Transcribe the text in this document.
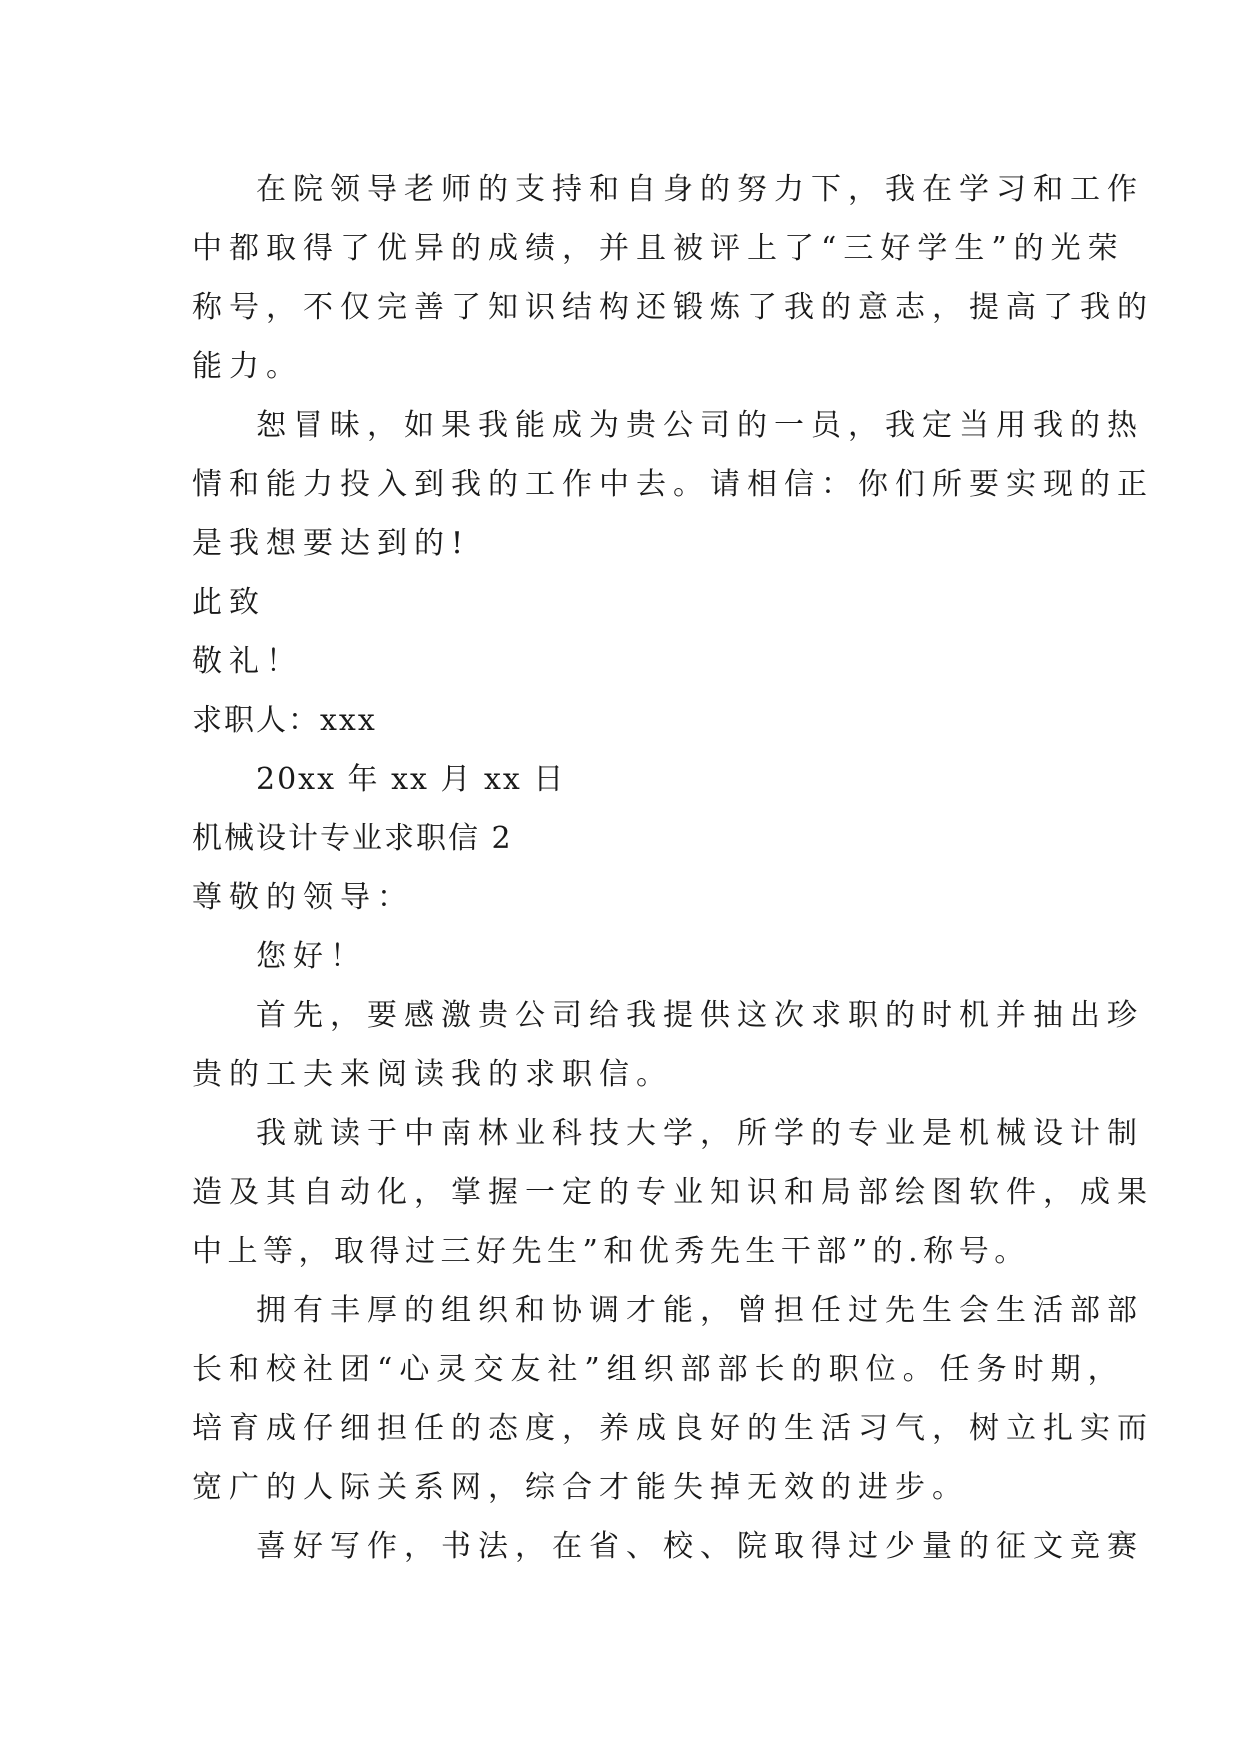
在院领导老师的支持和自身的努力下，我在学习和工作
中都取得了优异的成绩，并且被评上了“三好学生”的光荣
称号，不仅完善了知识结构还锻炼了我的意志，提高了我的
能力。
恕冒昧，如果我能成为贵公司的一员，我定当用我的热
情和能力投入到我的工作中去。请相信：你们所要实现的正
是我想要达到的!
此致
敬礼！
求职人：xxx
20xx 年 xx 月 xx 日
机械设计专业求职信 2
尊敬的领导：
您好！
首先，要感激贵公司给我提供这次求职的时机并抽出珍
贵的工夫来阅读我的求职信。
我就读于中南林业科技大学，所学的专业是机械设计制
造及其自动化，掌握一定的专业知识和局部绘图软件，成果
中上等，取得过三好先生”和优秀先生干部”的.称号。
拥有丰厚的组织和协调才能，曾担任过先生会生活部部
长和校社团“心灵交友社”组织部部长的职位。任务时期，
培育成仔细担任的态度，养成良好的生活习气，树立扎实而
宽广的人际关系网，综合才能失掉无效的进步。
喜好写作，书法，在省、校、院取得过少量的征文竞赛
